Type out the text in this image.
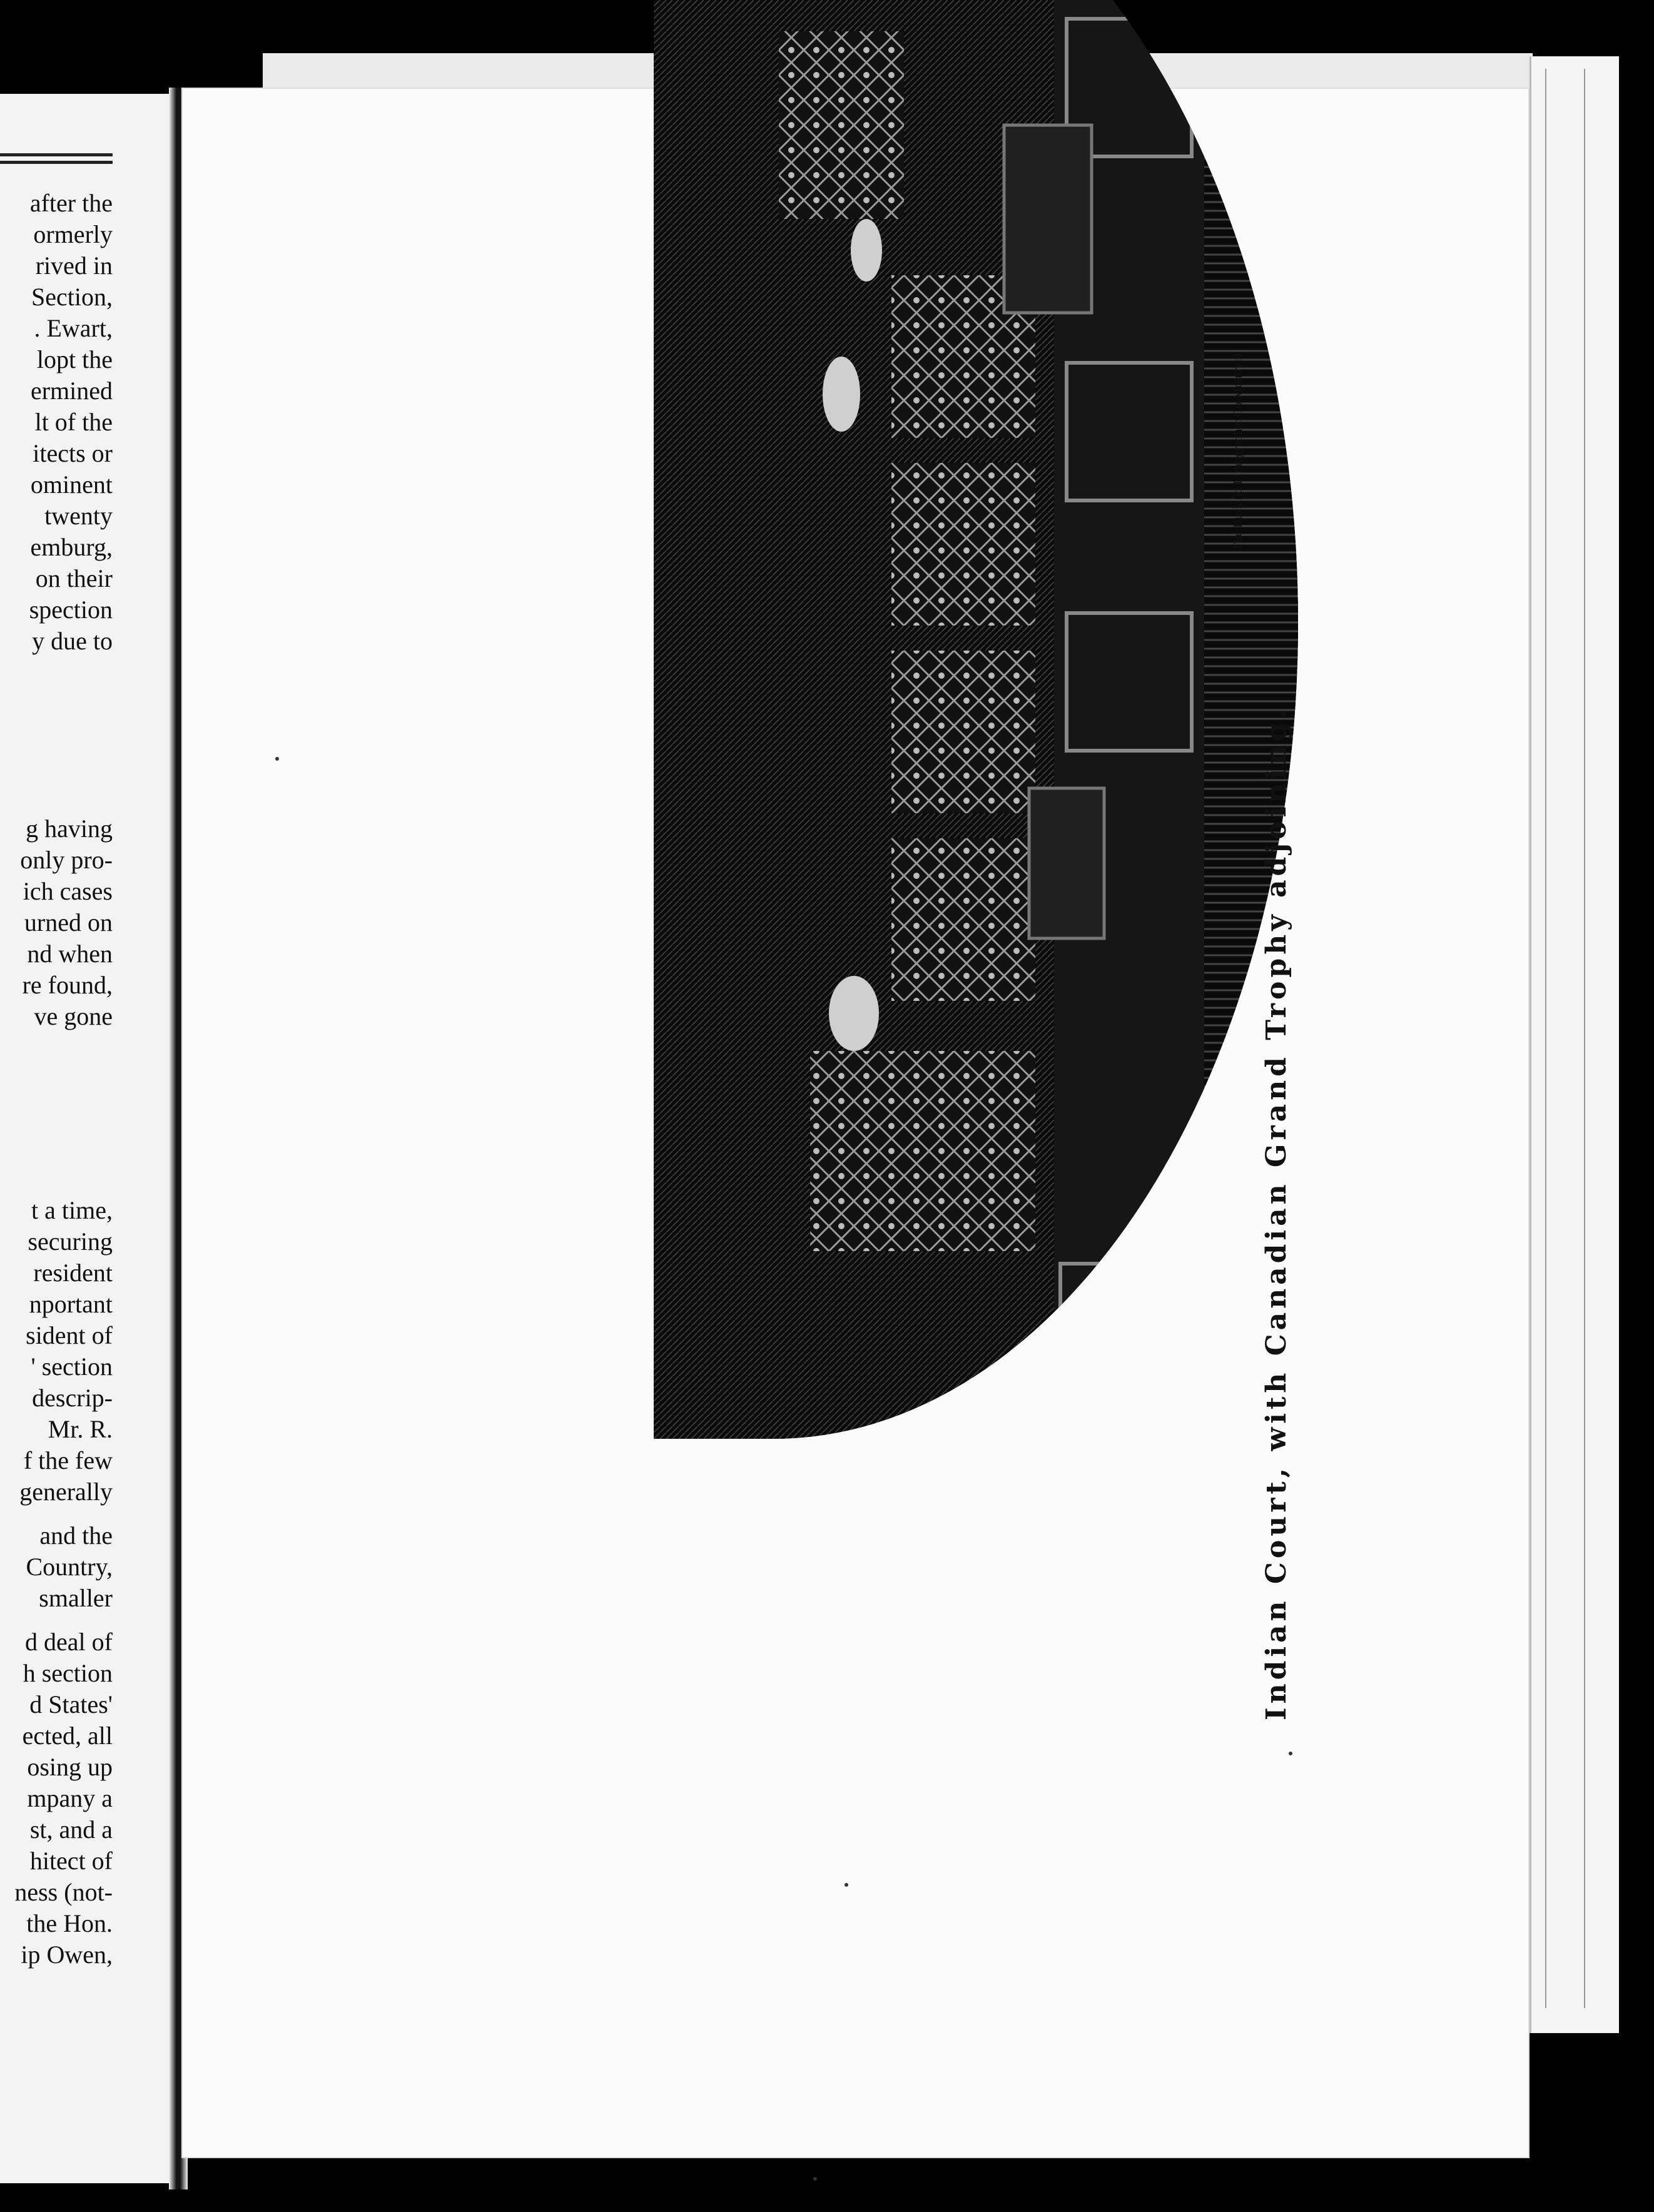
after the
ormerly
rived in
Section,
. Ewart,
lopt the
ermined
lt of the
itects or
ominent
twenty
emburg,
on their
spection
y due to
g having
only pro-
ich cases
urned on
nd when
re found,
ve gone
t a time,
securing
resident
nportant
sident of
' section
descrip-
Mr. R.
f the few
generally
and the
Country,
smaller
d deal of
h section
d States'
ected, all
osing up
mpany a
st, and a
hitect of
ness (not-
the Hon.
ip Owen,
The Burland Lithographic Co Montreal
Indian Court, with Canadian Grand Trophy adjoining.
